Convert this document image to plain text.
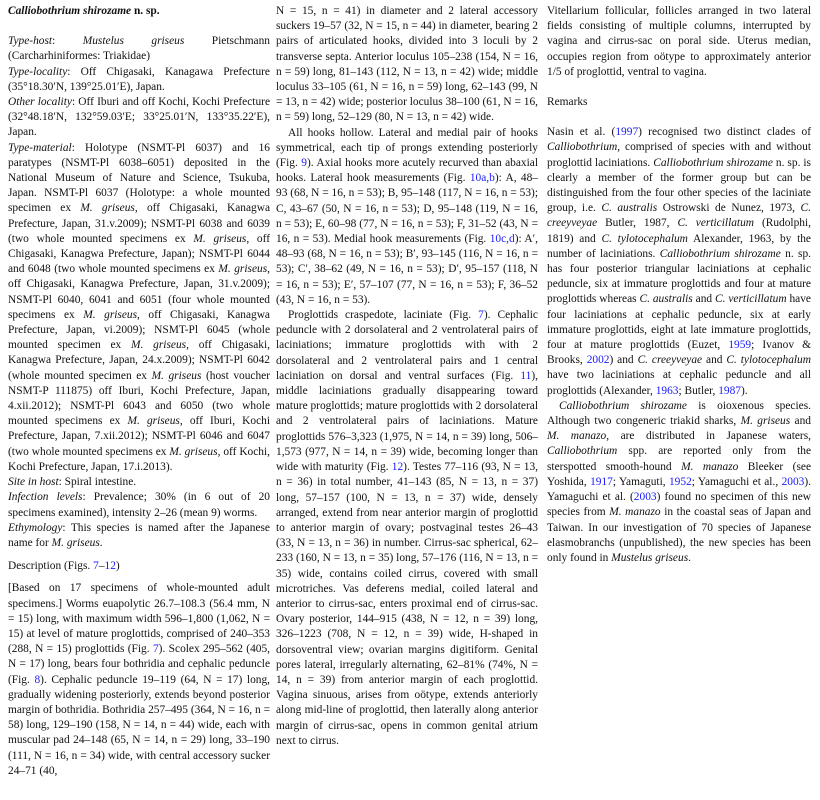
Calliobothrium shirozame n. sp.

Type-host: Mustelus griseus Pietschmann (Carcharhiniformes: Triakidae)

Type-locality: Off Chigasaki, Kanagawa Prefecture (35°18.30′N, 139°25.01′E), Japan.

Other locality: Off Iburi and off Kochi, Kochi Prefecture (32°48.18′N, 132°59.03′E; 33°25.01′N, 133°35.22′E), Japan.

Type-material: Holotype (NSMT-Pl 6037) and 16 paratypes (NSMT-Pl 6038–6051) deposited in the National Museum of Nature and Science, Tsukuba, Japan. NSMT-Pl 6037 (Holotype: a whole mounted specimen ex M. griseus, off Chigasaki, Kanagwa Prefecture, Japan, 31.v.2009); NSMT-Pl 6038 and 6039 (two whole mounted specimens ex M. griseus, off Chigasaki, Kanagwa Prefecture, Japan); NSMT-Pl 6044 and 6048 (two whole mounted specimens ex M. griseus, off Chigasaki, Kanagwa Prefecture, Japan, 31.v.2009); NSMT-Pl 6040, 6041 and 6051 (four whole mounted specimens ex M. griseus, off Chigasaki, Kanagwa Prefecture, Japan, vi.2009); NSMT-Pl 6045 (whole mounted specimen ex M. griseus, off Chigasaki, Kanagwa Prefecture, Japan, 24.x.2009); NSMT-Pl 6042 (whole mounted specimen ex M. griseus (host voucher NSMT-P 111875) off Iburi, Kochi Prefecture, Japan, 4.xii.2012); NSMT-Pl 6043 and 6050 (two whole mounted specimens ex M. griseus, off Iburi, Kochi Prefecture, Japan, 7.xii.2012); NSMT-Pl 6046 and 6047 (two whole mounted specimens ex M. griseus, off Kochi, Kochi Prefecture, Japan, 17.i.2013).

Site in host: Spiral intestine.

Infection levels: Prevalence; 30% (in 6 out of 20 specimens examined), intensity 2–26 (mean 9) worms.

Ethymology: This species is named after the Japanese name for M. griseus.

Description (Figs. 7–12)

[Based on 17 specimens of whole-mounted adult specimens.] Worms euapolytic 26.7–108.3 (56.4 mm, N = 15) long, with maximum width 596–1,800 (1,062, N = 15) at level of mature proglottids, comprised of 240–353 (288, N = 15) proglottids (Fig. 7). Scolex 295–562 (405, N = 17) long, bears four bothridia and cephalic peduncle (Fig. 8). Cephalic peduncle 19–119 (64, N = 17) long, gradually widening posteriorly, extends beyond posterior margin of bothridia. Bothridia 257–495 (364, N = 16, n = 58) long, 129–190 (158, N = 14, n = 44) wide, each with muscular pad 24–148 (65, N = 14, n = 29) long, 33–190 (111, N = 16, n = 34) wide, with central accessory sucker 24–71 (40,

N = 15, n = 41) in diameter and 2 lateral accessory suckers 19–57 (32, N = 15, n = 44) in diameter, bearing 2 pairs of articulated hooks, divided into 3 loculi by 2 transverse septa. Anterior loculus 105–238 (154, N = 16, n = 59) long, 81–143 (112, N = 13, n = 42) wide; middle loculus 33–105 (61, N = 16, n = 59) long, 62–143 (99, N = 13, n = 42) wide; posterior loculus 38–100 (61, N = 16, n = 59) long, 52–129 (80, N = 13, n = 42) wide.

All hooks hollow. Lateral and medial pair of hooks symmetrical, each tip of prongs extending posteriorly (Fig. 9). Axial hooks more acutely recurved than abaxial hooks. Lateral hook measurements (Fig. 10a,b): A, 48–93 (68, N = 16, n = 53); B, 95–148 (117, N = 16, n = 53); C, 43–67 (50, N = 16, n = 53); D, 95–148 (119, N = 16, n = 53); E, 60–98 (77, N = 16, n = 53); F, 31–52 (43, N = 16, n = 53). Medial hook measurements (Fig. 10c,d): A′, 48–93 (68, N = 16, n = 53); B′, 93–145 (116, N = 16, n = 53); C′, 38–62 (49, N = 16, n = 53); D′, 95–157 (118, N = 16, n = 53); E′, 57–107 (77, N = 16, n = 53); F, 36–52 (43, N = 16, n = 53).

Proglottids craspedote, laciniate (Fig. 7). Cephalic peduncle with 2 dorsolateral and 2 ventrolateral pairs of laciniations; immature proglottids with with 2 dorsolateral and 2 ventrolateral pairs and 1 central laciniation on dorsal and ventral surfaces (Fig. 11), middle laciniations gradually disappearing toward mature proglottids; mature proglottids with 2 dorsolateral and 2 ventrolateral pairs of laciniations. Mature proglottids 576–3,323 (1,975, N = 14, n = 39) long, 506–1,573 (977, N = 14, n = 39) wide, becoming longer than wide with maturity (Fig. 12). Testes 77–116 (93, N = 13, n = 36) in total number, 41–143 (85, N = 13, n = 37) long, 57–157 (100, N = 13, n = 37) wide, densely arranged, extend from near anterior margin of proglottid to anterior margin of ovary; postvaginal testes 26–43 (33, N = 13, n = 36) in number. Cirrus-sac spherical, 62–233 (160, N = 13, n = 35) long, 57–176 (116, N = 13, n = 35) wide, contains coiled cirrus, covered with small microtriches. Vas deferens medial, coiled lateral and anterior to cirrus-sac, enters proximal end of cirrus-sac. Ovary posterior, 144–915 (438, N = 12, n = 39) long, 326–1223 (708, N = 12, n = 39) wide, H-shaped in dorsoventral view; ovarian margins digitiform. Genital pores lateral, irregularly alternating, 62–81% (74%, N = 14, n = 39) from anterior margin of each proglottid. Vagina sinuous, arises from oötype, extends anteriorly along mid-line of proglottid, then laterally along anterior margin of cirrus-sac, opens in common genital atrium next to cirrus.

Vitellarium follicular, follicles arranged in two lateral fields consisting of multiple columns, interrupted by vagina and cirrus-sac on poral side. Uterus median, occupies region from oötype to approximately anterior 1/5 of proglottid, ventral to vagina.

Remarks

Nasin et al. (1997) recognised two distinct clades of Calliobothrium, comprised of species with and without proglottid laciniations. Calliobothrium shirozame n. sp. is clearly a member of the former group but can be distinguished from the four other species of the laciniate group, i.e. C. australis Ostrowski de Nunez, 1973, C. creeyveyae Butler, 1987, C. verticillatum (Rudolphi, 1819) and C. tylotocephalum Alexander, 1963, by the number of laciniations. Calliobothrium shirozame n. sp. has four posterior triangular laciniations at cephalic peduncle, six at immature proglottids and four at mature proglottids whereas C. australis and C. verticillatum have four laciniations at cephalic peduncle, six at early immature proglottids, eight at late immature proglottids, four at mature proglottids (Euzet, 1959; Ivanov & Brooks, 2002) and C. creeyveyae and C. tylotocephalum have two laciniations at cephalic peduncle and all proglottids (Alexander, 1963; Butler, 1987).

Calliobothrium shirozame is oioxenous species. Although two congeneric triakid sharks, M. griseus and M. manazo, are distributed in Japanese waters, Calliobothrium spp. are reported only from the sterspotted smooth-hound M. manazo Bleeker (see Yoshida, 1917; Yamaguti, 1952; Yamaguchi et al., 2003). Yamaguchi et al. (2003) found no specimen of this new species from M. manazo in the coastal seas of Japan and Taiwan. In our investigation of 70 species of Japanese elasmobranchs (unpublished), the new species has been only found in Mustelus griseus.
